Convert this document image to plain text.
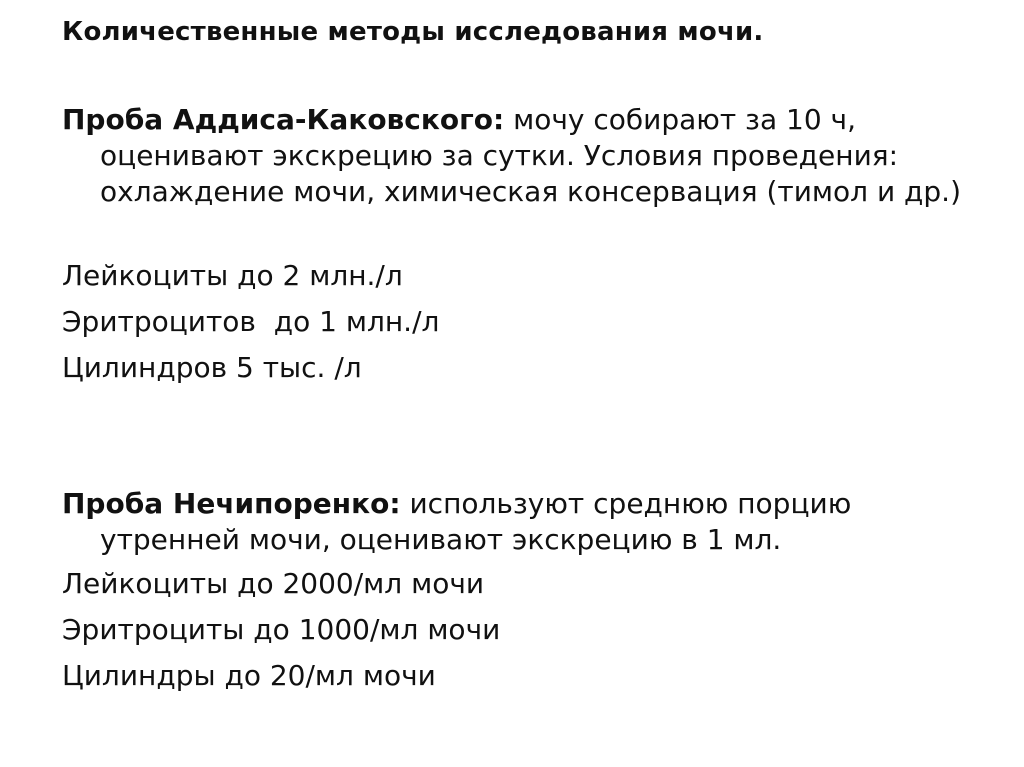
Количественные методы исследования мочи.
Проба Аддиса-Каковского: мочу собирают за 10 ч, оценивают экскрецию за сутки. Условия проведения: охлаждение мочи, химическая консервация (тимол и др.)
Лейкоциты до 2 млн./л
Эритроцитов  до 1 млн./л
Цилиндров 5 тыс. /л
Проба Нечипоренко: используют среднюю порцию утренней мочи, оценивают экскрецию в 1 мл.
Лейкоциты до 2000/мл мочи
Эритроциты до 1000/мл мочи
Цилиндры до 20/мл мочи
